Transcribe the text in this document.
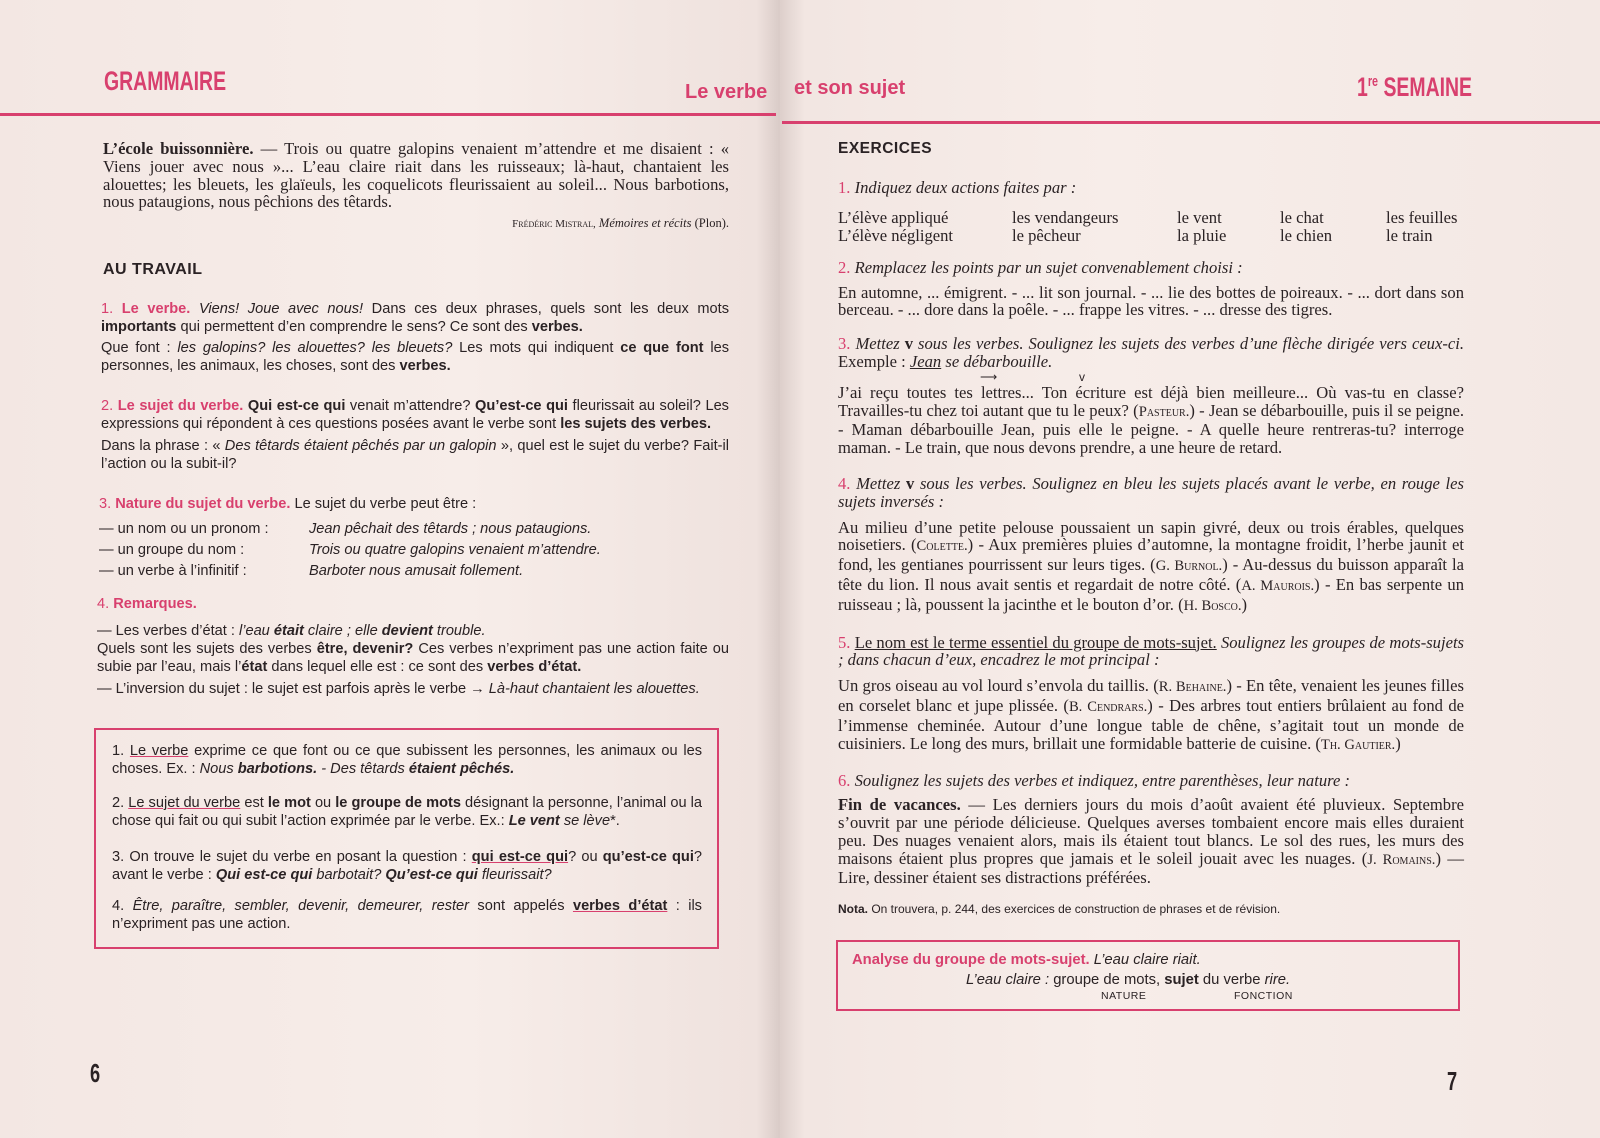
GRAMMAIRE	Le verbe et son sujet	1re SEMAINE
L’école buissonnière. — Trois ou quatre galopins venaient m’attendre et me disaient : « Viens jouer avec nous »... L’eau claire riait dans les ruisseaux; là-haut, chantaient les alouettes; les bleuets, les glaïeuls, les coquelicots fleurissaient au soleil... Nous barbotions, nous pataugions, nous pêchions des têtards.
Frédéric Mistral, Mémoires et récits (Plon).
AU TRAVAIL
1. Le verbe. Viens! Joue avec nous! Dans ces deux phrases, quels sont les deux mots importants qui permettent d’en comprendre le sens? Ce sont des verbes.
Que font : les galopins? les alouettes? les bleuets? Les mots qui indiquent ce que font les personnes, les animaux, les choses, sont des verbes.
2. Le sujet du verbe. Qui est-ce qui venait m’attendre? Qu’est-ce qui fleurissait au soleil? Les expressions qui répondent à ces questions posées avant le verbe sont les sujets des verbes.
Dans la phrase : « Des têtards étaient pêchés par un galopin », quel est le sujet du verbe? Fait-il l’action ou la subit-il?
3. Nature du sujet du verbe. Le sujet du verbe peut être :
— un nom ou un pronom :	Jean pêchait des têtards ; nous pataugions.
— un groupe du nom :	Trois ou quatre galopins venaient m’attendre.
— un verbe à l’infinitif :	Barboter nous amusait follement.
4. Remarques.
— Les verbes d’état : l’eau était claire ; elle devient trouble.
Quels sont les sujets des verbes être, devenir? Ces verbes n’expriment pas une action faite ou subie par l’eau, mais l’état dans lequel elle est : ce sont des verbes d’état.
— L’inversion du sujet : le sujet est parfois après le verbe → Là-haut chantaient les alouettes.
1. Le verbe exprime ce que font ou ce que subissent les personnes, les animaux ou les choses. Ex. : Nous barbotions. - Des têtards étaient pêchés.
2. Le sujet du verbe est le mot ou le groupe de mots désignant la personne, l’animal ou la chose qui fait ou qui subit l’action exprimée par le verbe. Ex.: Le vent se lève*.
3. On trouve le sujet du verbe en posant la question : qui est-ce qui? ou qu’est-ce qui? avant le verbe : Qui est-ce qui barbotait? Qu’est-ce qui fleurissait?
4. Être, paraître, sembler, devenir, demeurer, rester sont appelés verbes d’état : ils n’expriment pas une action.
6
EXERCICES
1. Indiquez deux actions faites par :
L’élève appliqué	les vendangeurs	le vent	le chat	les feuilles
L’élève négligent	le pêcheur	la pluie	le chien	le train
2. Remplacez les points par un sujet convenablement choisi :
En automne, ... émigrent. - ... lit son journal. - ... lie des bottes de poireaux. - ... dort dans son berceau. - ... dore dans la poêle. - ... frappe les vitres. - ... dresse des tigres.
3. Mettez v sous les verbes. Soulignez les sujets des verbes d’une flèche dirigée vers ceux-ci. Exemple : Jean se débarbouille.
⟶	v
J’ai reçu toutes tes lettres... Ton écriture est déjà bien meilleure... Où vas-tu en classe? Travailles-tu chez toi autant que tu le peux? (Pasteur.) - Jean se débarbouille, puis il se peigne. - Maman débarbouille Jean, puis elle le peigne. - A quelle heure rentreras-tu? interroge maman. - Le train, que nous devons prendre, a une heure de retard.
4. Mettez v sous les verbes. Soulignez en bleu les sujets placés avant le verbe, en rouge les sujets inversés :
Au milieu d’une petite pelouse poussaient un sapin givré, deux ou trois érables, quelques noisetiers. (Colette.) - Aux premières pluies d’automne, la montagne froidit, l’herbe jaunit et fond, les gentianes pourrissent sur leurs tiges. (G. Burnol.) - Au-dessus du buisson apparaît la tête du lion. Il nous avait sentis et regardait de notre côté. (A. Maurois.) - En bas serpente un ruisseau ; là, poussent la jacinthe et le bouton d’or. (H. Bosco.)
5. Le nom est le terme essentiel du groupe de mots-sujet. Soulignez les groupes de mots-sujets ; dans chacun d’eux, encadrez le mot principal :
Un gros oiseau au vol lourd s’envola du taillis. (R. Behaine.) - En tête, venaient les jeunes filles en corselet blanc et jupe plissée. (B. Cendrars.) - Des arbres tout entiers brûlaient au fond de l’immense cheminée. Autour d’une longue table de chêne, s’agitait tout un monde de cuisiniers. Le long des murs, brillait une formidable batterie de cuisine. (Th. Gautier.)
6. Soulignez les sujets des verbes et indiquez, entre parenthèses, leur nature :
Fin de vacances. — Les derniers jours du mois d’août avaient été pluvieux. Septembre s’ouvrit par une période délicieuse. Quelques averses tombaient encore mais elles duraient peu. Des nuages venaient alors, mais ils étaient tout blancs. Le sol des rues, les murs des maisons étaient plus propres que jamais et le soleil jouait avec les nuages. (J. Romains.) — Lire, dessiner étaient ses distractions préférées.
Nota. On trouvera, p. 244, des exercices de construction de phrases et de révision.
Analyse du groupe de mots-sujet. L’eau claire riait.
L’eau claire : groupe de mots, sujet du verbe rire.
NATURE	FONCTION
7
